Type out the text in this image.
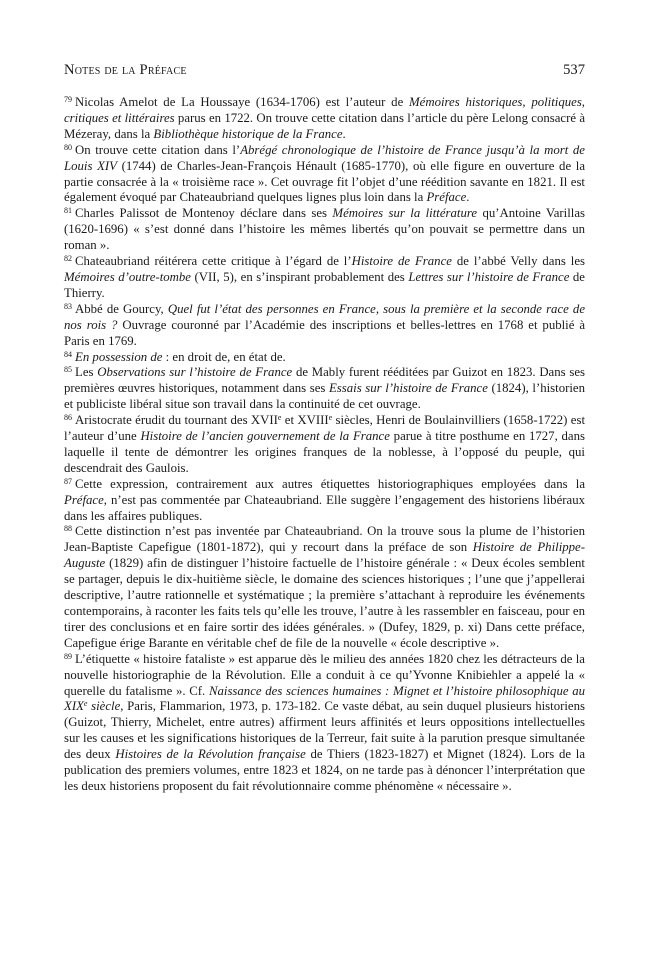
Notes de la Préface	537
$^{79}$ Nicolas Amelot de La Houssaye (1634-1706) est l’auteur de Mémoires historiques, politiques, critiques et littéraires parus en 1722. On trouve cette citation dans l’article du père Lelong consacré à Mézeray, dans la Bibliothèque historique de la France.
$^{80}$ On trouve cette citation dans l’Abrégé chronologique de l’histoire de France jusqu’à la mort de Louis XIV (1744) de Charles-Jean-François Hénault (1685-1770), où elle figure en ouverture de la partie consacrée à la « troisième race ». Cet ouvrage fit l’objet d’une réédition savante en 1821. Il est également évoqué par Chateaubriand quelques lignes plus loin dans la Préface.
$^{81}$ Charles Palissot de Montenoy déclare dans ses Mémoires sur la littérature qu’Antoine Varillas (1620-1696) « s’est donné dans l’histoire les mêmes libertés qu’on pouvait se permettre dans un roman ».
$^{82}$ Chateaubriand réitérera cette critique à l’égard de l’Histoire de France de l’abbé Velly dans les Mémoires d’outre-tombe (VII, 5), en s’inspirant probablement des Lettres sur l’histoire de France de Thierry.
$^{83}$ Abbé de Gourcy, Quel fut l’état des personnes en France, sous la première et la seconde race de nos rois ? Ouvrage couronné par l’Académie des inscriptions et belles-lettres en 1768 et publié à Paris en 1769.
$^{84}$ En possession de : en droit de, en état de.
$^{85}$ Les Observations sur l’histoire de France de Mably furent rééditées par Guizot en 1823. Dans ses premières œuvres historiques, notamment dans ses Essais sur l’histoire de France (1824), l’historien et publiciste libéral situe son travail dans la continuité de cet ouvrage.
$^{86}$ Aristocrate érudit du tournant des XVIIe et XVIIIe siècles, Henri de Boulainvilliers (1658-1722) est l’auteur d’une Histoire de l’ancien gouvernement de la France parue à titre posthume en 1727, dans laquelle il tente de démontrer les origines franques de la noblesse, à l’opposé du peuple, qui descendrait des Gaulois.
$^{87}$ Cette expression, contrairement aux autres étiquettes historiographiques employées dans la Préface, n’est pas commentée par Chateaubriand. Elle suggère l’engagement des historiens libéraux dans les affaires publiques.
$^{88}$ Cette distinction n’est pas inventée par Chateaubriand. On la trouve sous la plume de l’historien Jean-Baptiste Capefigue (1801-1872), qui y recourt dans la préface de son Histoire de Philippe-Auguste (1829) afin de distinguer l’histoire factuelle de l’histoire générale : « Deux écoles semblent se partager, depuis le dix-huitième siècle, le domaine des sciences historiques ; l’une que j’appellerai descriptive, l’autre rationnelle et systématique ; la première s’attachant à reproduire les événements contemporains, à raconter les faits tels qu’elle les trouve, l’autre à les rassembler en faisceau, pour en tirer des conclusions et en faire sortir des idées générales. » (Dufey, 1829, p. xi) Dans cette préface, Capefigue érige Barante en véritable chef de file de la nouvelle « école descriptive ».
$^{89}$ L’étiquette « histoire fataliste » est apparue dès le milieu des années 1820 chez les détracteurs de la nouvelle historiographie de la Révolution. Elle a conduit à ce qu’Yvonne Knibiehler a appelé la « querelle du fatalisme ». Cf. Naissance des sciences humaines : Mignet et l’histoire philosophique au XIXe siècle, Paris, Flammarion, 1973, p. 173-182. Ce vaste débat, au sein duquel plusieurs historiens (Guizot, Thierry, Michelet, entre autres) affirment leurs affinités et leurs oppositions intellectuelles sur les causes et les significations historiques de la Terreur, fait suite à la parution presque simultanée des deux Histoires de la Révolution française de Thiers (1823-1827) et Mignet (1824). Lors de la publication des premiers volumes, entre 1823 et 1824, on ne tarde pas à dénoncer l’interprétation que les deux historiens proposent du fait révolutionnaire comme phénomène « nécessaire ».
